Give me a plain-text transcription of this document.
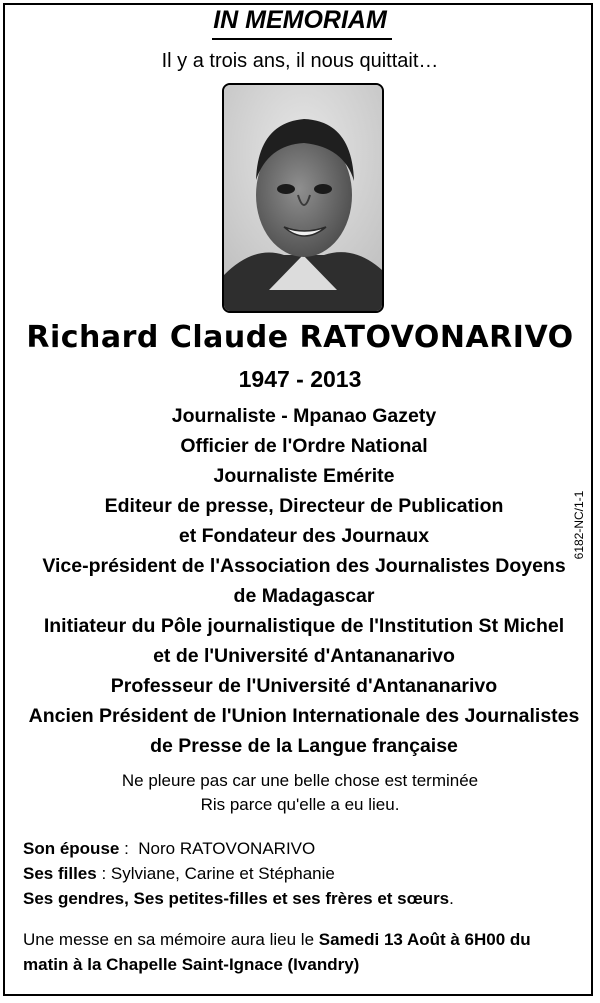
IN MEMORIAM
Il y a trois ans, il nous quittait…
Richard Claude RATOVONARIVO
1947 - 2013
Journaliste - Mpanao Gazety
Officier de l'Ordre National
Journaliste Emérite
Editeur de presse, Directeur de Publication
et Fondateur des Journaux
Vice-président de l'Association des Journalistes Doyens
de Madagascar
Initiateur du Pôle journalistique de l'Institution St Michel
et de l'Université d'Antananarivo
Professeur de l'Université d'Antananarivo
Ancien Président de l'Union Internationale des Journalistes
de Presse de la Langue française
Ne pleure pas car une belle chose est terminée
Ris parce qu'elle a eu lieu.
Son épouse :  Noro RATOVONARIVO
Ses filles : Sylviane, Carine et Stéphanie
Ses gendres, Ses petites-filles et ses frères et sœurs.
Une messe en sa mémoire aura lieu le Samedi 13 Août à 6H00 du
matin à la Chapelle Saint-Ignace (Ivandry)
6182-NC/1-1
